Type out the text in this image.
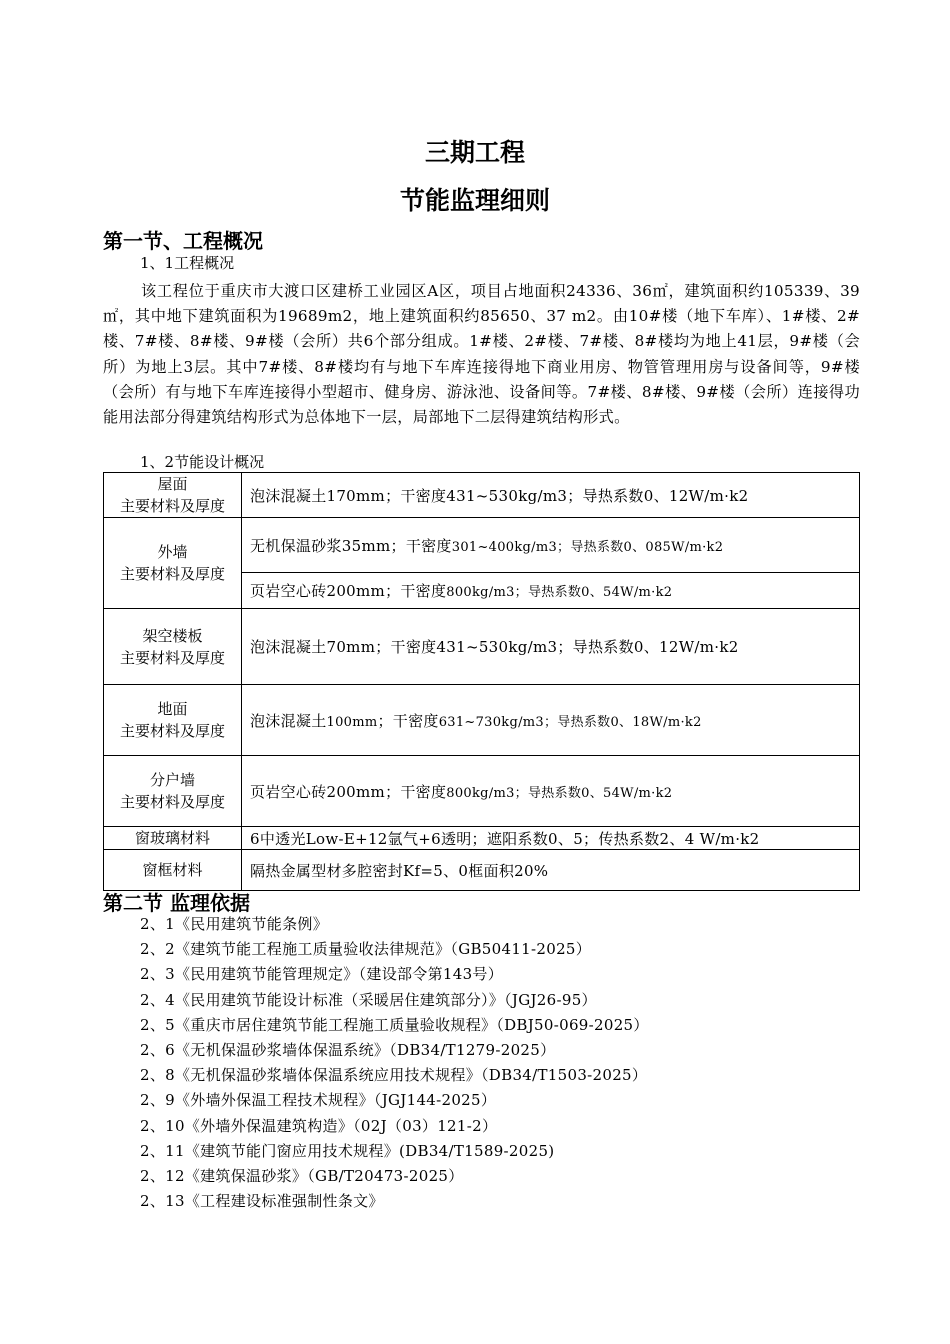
三期工程
节能监理细则
第一节、工程概况
1、1工程概况
该工程位于重庆市大渡口区建桥工业园区A区，项目占地面积24336、36㎡，建筑面积约105339、39㎡，其中地下建筑面积为19689m2，地上建筑面积约85650、37 m2。由10#楼（地下车库）、1#楼、2#楼、7#楼、8#楼、9#楼（会所）共6个部分组成。1#楼、2#楼、7#楼、8#楼均为地上41层，9#楼（会所）为地上3层。其中7#楼、8#楼均有与地下车库连接得地下商业用房、物管管理用房与设备间等，9#楼（会所）有与地下车库连接得小型超市、健身房、游泳池、设备间等。7#楼、8#楼、9#楼（会所）连接得功能用法部分得建筑结构形式为总体地下一层，局部地下二层得建筑结构形式。
1、2节能设计概况
屋面
主要材料及厚度	泡沫混凝土170mm；干密度431~530kg/m3；导热系数0、12W/m·k2

外墙
主要材料及厚度	无机保温砂浆35mm；干密度301~400kg/m3；导热系数0、085W/m·k2
	页岩空心砖200mm；干密度800kg/m3；导热系数0、54W/m·k2

架空楼板
主要材料及厚度	泡沫混凝土70mm；干密度431~530kg/m3；导热系数0、12W/m·k2

地面
主要材料及厚度	泡沫混凝土100mm；干密度631~730kg/m3；导热系数0、18W/m·k2

分户墙
主要材料及厚度	页岩空心砖200mm；干密度800kg/m3；导热系数0、54W/m·k2
窗玻璃材料	6中透光Low-E+12氩气+6透明；遮阳系数0、5；传热系数2、4 W/m·k2
窗框材料	隔热金属型材多腔密封Kf=5、0框面积20%
第二节 监理依据
2、1《民用建筑节能条例》
2、2《建筑节能工程施工质量验收法律规范》（GB50411-2025）
2、3《民用建筑节能管理规定》（建设部令第143号）
2、4《民用建筑节能设计标准（采暖居住建筑部分）》（JGJ26-95）
2、5《重庆市居住建筑节能工程施工质量验收规程》（DBJ50-069-2025）
2、6《无机保温砂浆墙体保温系统》（DB34/T1279-2025）
2、8《无机保温砂浆墙体保温系统应用技术规程》（DB34/T1503-2025）
2、9《外墙外保温工程技术规程》（JGJ144-2025）
2、10《外墙外保温建筑构造》（02J（03）121-2）
2、11《建筑节能门窗应用技术规程》(DB34/T1589-2025)
2、12《建筑保温砂浆》（GB/T20473-2025）
2、13《工程建设标准强制性条文》
